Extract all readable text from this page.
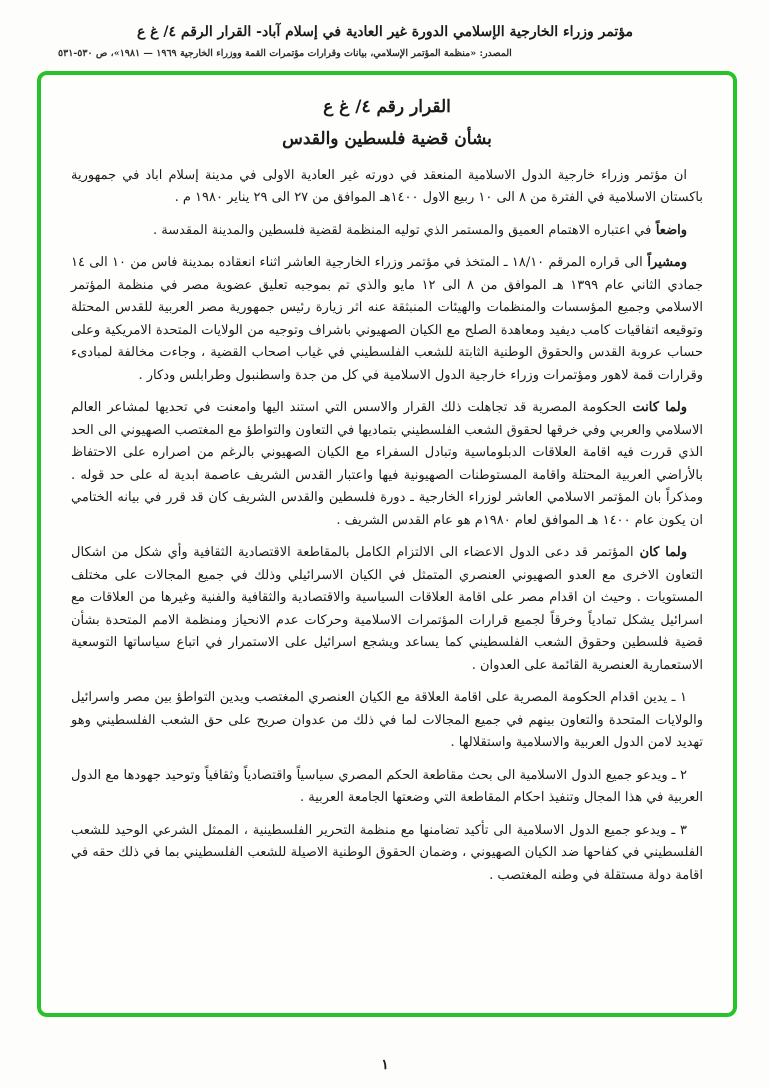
مؤتمر وزراء الخارجية الإسلامي الدورة غير العادية في إسلام آباد- القرار الرقم ٤/ غ ع
المصدر: «منظمة المؤتمر الإسلامي، بيانات وقرارات مؤتمرات القمة ووزراء الخارجية ١٩٦٩ — ١٩٨١»، ص ٥٣٠-٥٣١
القرار رقم ٤/ غ ع
بشأن قضية فلسطين والقدس

ان مؤتمر وزراء خارجية الدول الاسلامية المنعقد في دورته غير العادية الاولى في مدينة إسلام اباد في جمهورية باكستان الاسلامية في الفترة من ٨ الى ١٠ ربيع الاول ١٤٠٠هـ الموافق من ٢٧ الى ٢٩ يناير ١٩٨٠ م .

واضعاً في اعتباره الاهتمام العميق والمستمر الذي توليه المنظمة لقضية فلسطين والمدينة المقدسة .

ومشيراً الى قراره المرقم ١٨/١٠ ـ المتخذ في مؤتمر وزراء الخارجية العاشر اثناء انعقاده بمدينة فاس من ١٠ الى ١٤ جمادي الثاني عام ١٣٩٩ هـ الموافق من ٨ الى ١٢ مايو والذي تم بموجبه تعليق عضوية مصر في منظمة المؤتمر الاسلامي وجميع المؤسسات والمنظمات والهيئات المنبثقة عنه اثر زيارة رئيس جمهورية مصر العربية للقدس المحتلة وتوقيعه اتفاقيات كامب ديفيد ومعاهدة الصلح مع الكيان الصهيوني باشراف وتوجيه من الولايات المتحدة الامريكية وعلى حساب عروبة القدس والحقوق الوطنية الثابتة للشعب الفلسطيني في غياب اصحاب القضية ، وجاءت مخالفة لمبادىء وقرارات قمة لاهور ومؤتمرات وزراء خارجية الدول الاسلامية في كل من جدة واسطنبول وطرابلس ودكار .

ولما كانت الحكومة المصرية قد تجاهلت ذلك القرار والاسس التي استند اليها وامعنت في تحديها لمشاعر العالم الاسلامي والعربي وفي خرقها لحقوق الشعب الفلسطيني بتماديها في التعاون والتواطؤ مع المغتصب الصهيوني الى الحد الذي قررت فيه اقامة العلاقات الدبلوماسية وتبادل السفراء مع الكيان الصهيوني بالرغم من اصراره على الاحتفاظ بالأراضي العربية المحتلة واقامة المستوطنات الصهيونية فيها واعتبار القدس الشريف عاصمة ابدية له على حد قوله . ومذكراً بان المؤتمر الاسلامي العاشر لوزراء الخارجية ـ دورة فلسطين والقدس الشريف كان قد قرر في بيانه الختامي ان يكون عام ١٤٠٠ هـ الموافق لعام ١٩٨٠م هو عام القدس الشريف .

ولما كان المؤتمر قد دعى الدول الاعضاء الى الالتزام الكامل بالمقاطعة الاقتصادية الثقافية وأي شكل من اشكال التعاون الاخرى مع العدو الصهيوني العنصري المتمثل في الكيان الاسرائيلي وذلك في جميع المجالات على مختلف المستويات . وحيث ان اقدام مصر على اقامة العلاقات السياسية والاقتصادية والثقافية والفنية وغيرها من العلاقات مع اسرائيل يشكل تمادياً وخرقاً لجميع قرارات المؤتمرات الاسلامية وحركات عدم الانحياز ومنظمة الامم المتحدة بشأن قضية فلسطين وحقوق الشعب الفلسطيني كما يساعد ويشجع اسرائيل على الاستمرار في اتباع سياساتها التوسعية الاستعمارية العنصرية القائمة على العدوان .

١ ـ يدين اقدام الحكومة المصرية على اقامة العلاقة مع الكيان العنصري المغتصب ويدين التواطؤ بين مصر واسرائيل والولايات المتحدة والتعاون بينهم في جميع المجالات لما في ذلك من عدوان صريح على حق الشعب الفلسطيني وهو تهديد لامن الدول العربية والاسلامية واستقلالها .

٢ ـ ويدعو جميع الدول الاسلامية الى بحث مقاطعة الحكم المصري سياسياً واقتصادياً وثقافياً وتوحيد جهودها مع الدول العربية في هذا المجال وتنفيذ احكام المقاطعة التي وضعتها الجامعة العربية .

٣ ـ ويدعو جميع الدول الاسلامية الى تأكيد تضامنها مع منظمة التحرير الفلسطينية ، الممثل الشرعي الوحيد للشعب الفلسطيني في كفاحها ضد الكيان الصهيوني ، وضمان الحقوق الوطنية الاصيلة للشعب الفلسطيني بما في ذلك حقه في اقامة دولة مستقلة في وطنه المغتصب .

١
